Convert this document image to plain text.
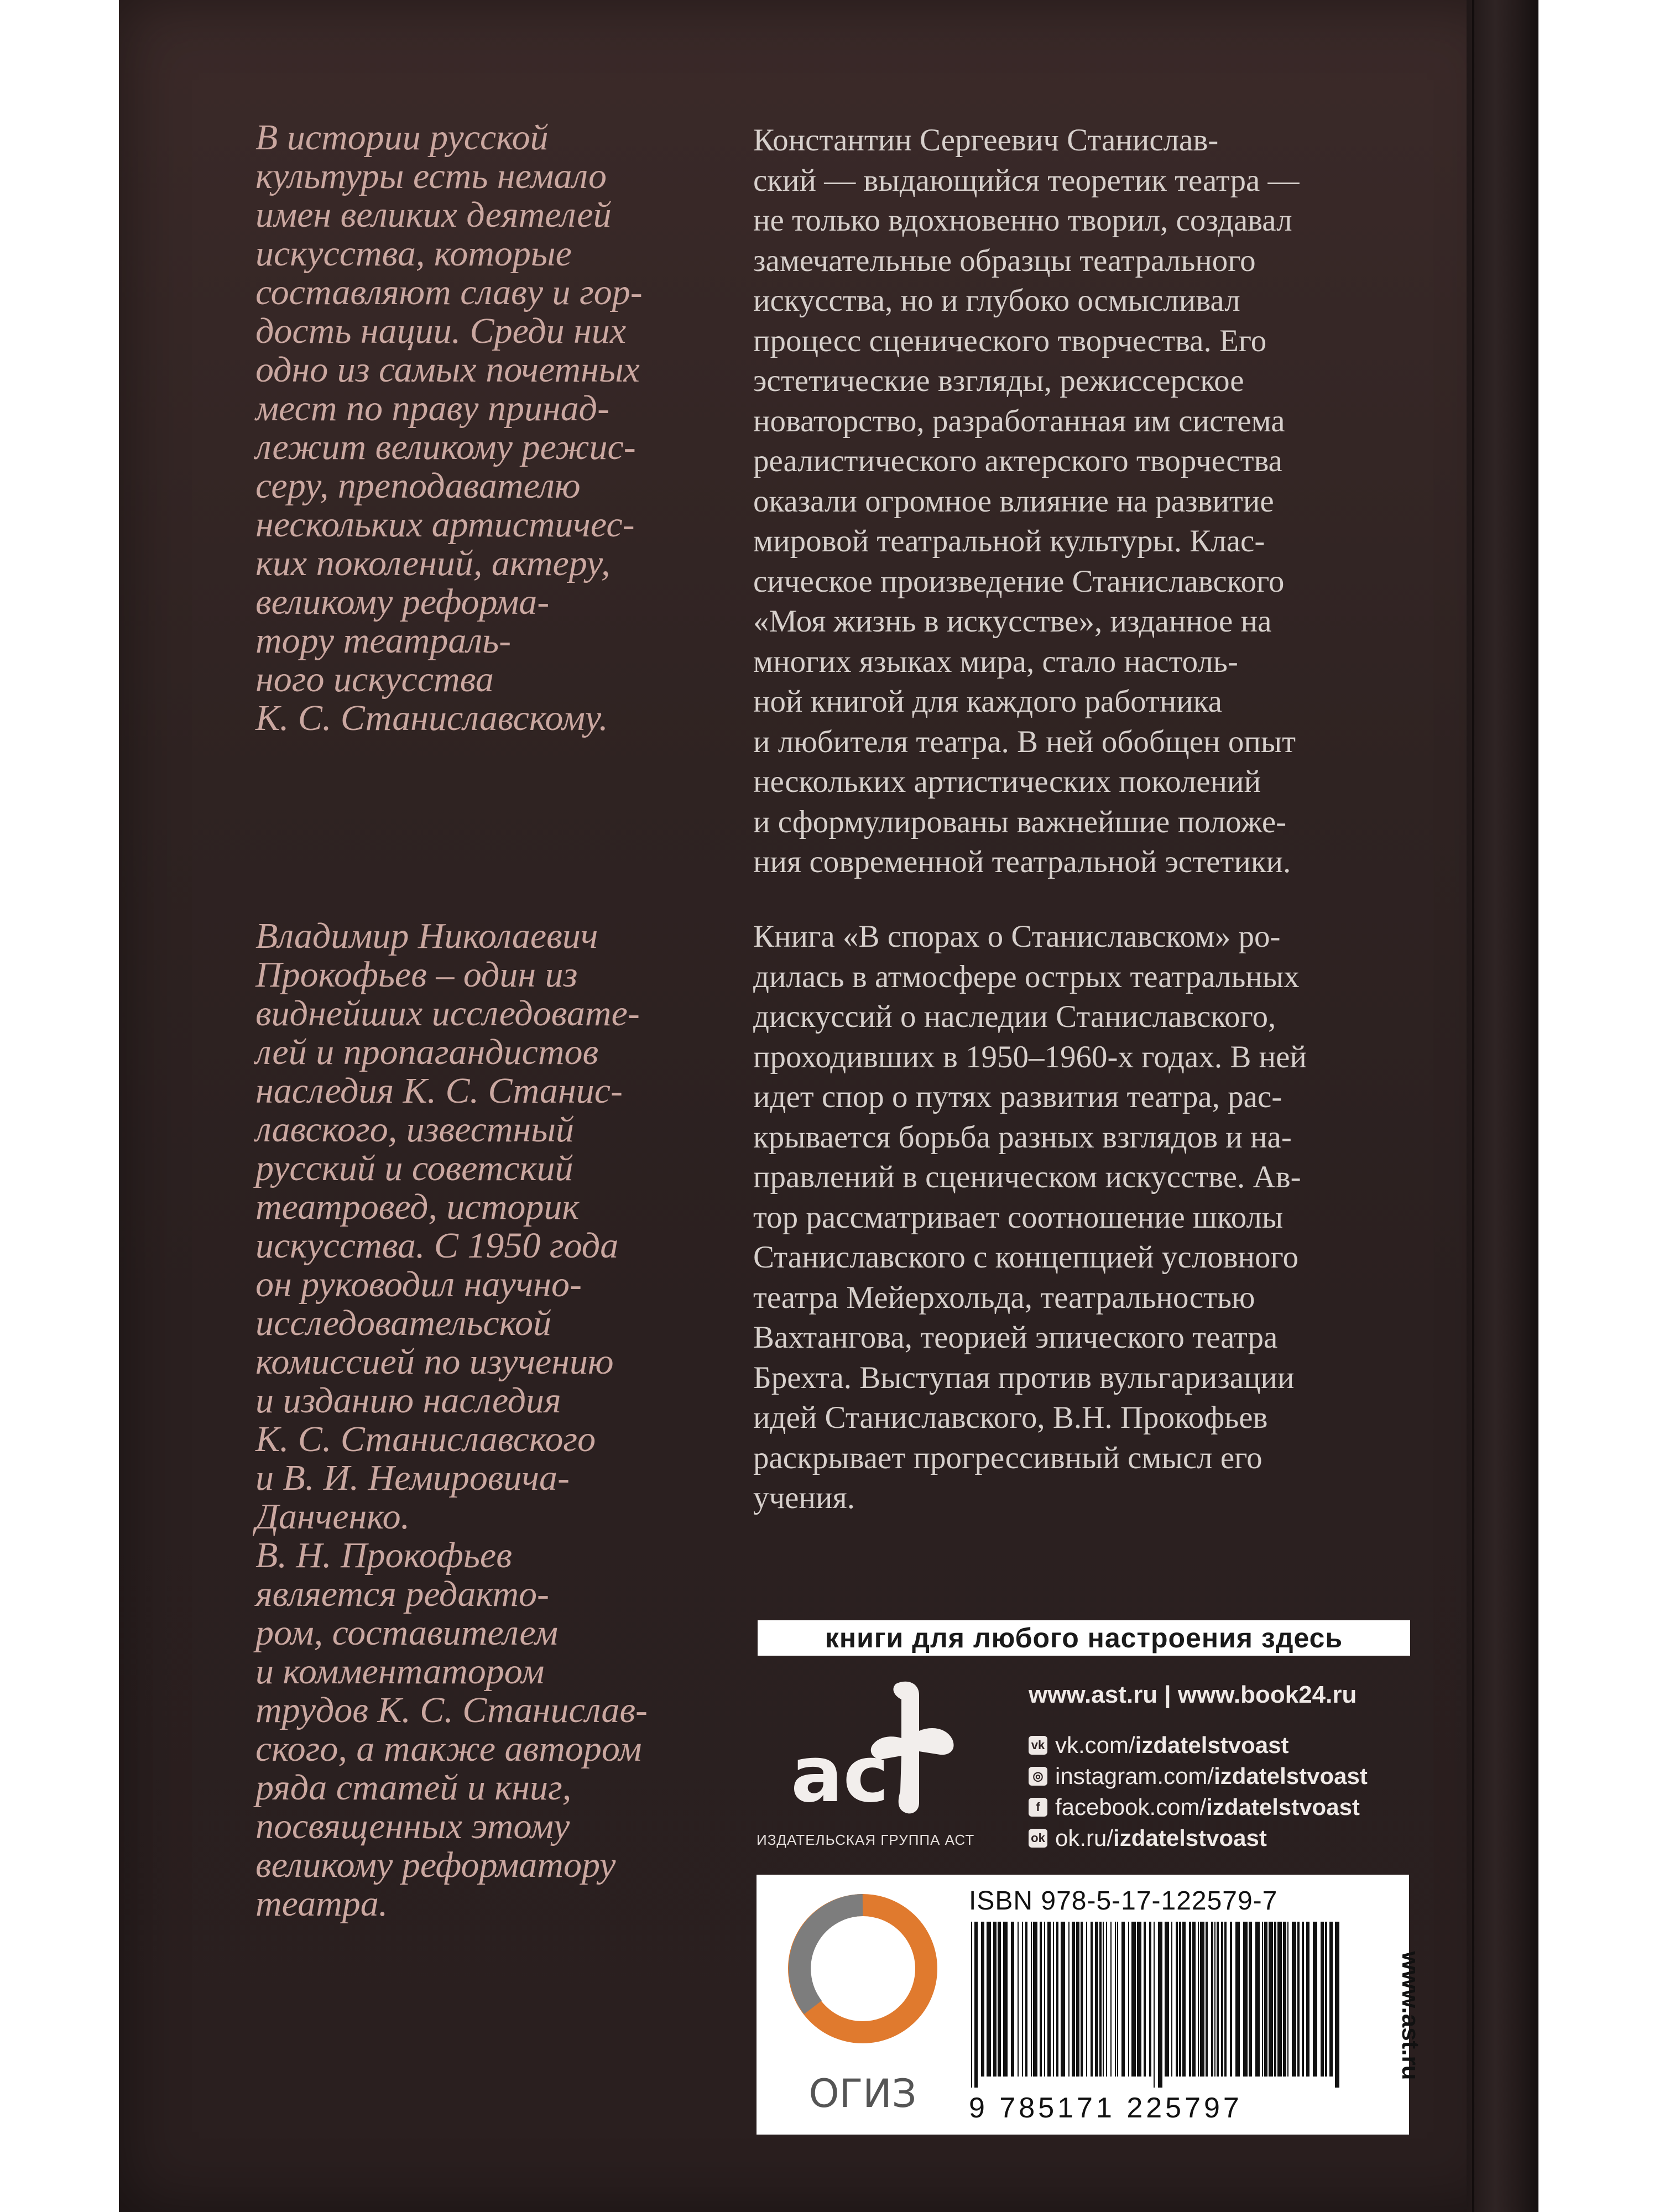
В истории русской

культуры есть немало

имен великих деятелей

искусства, которые

составляют славу и гор-

дость нации. Среди них

одно из самых почетных

мест по праву принад-

лежит великому режис-

серу, преподавателю

нескольких артистичес-

ких поколений, актеру,

великому реформа-

тору театраль-

ного искусства

К. С. Станиславскому.

Владимир Николаевич

Прокофьев – один из

виднейших исследовате-

лей и пропагандистов

наследия К. С. Станис-

лавского, известный

русский и советский

театровед, историк

искусства. С 1950 года

он руководил научно-

исследовательской

комиссией по изучению

и изданию наследия

К. С. Станиславского

и В. И. Немировича-

Данченко.

В. Н. Прокофьев

является редакто-

ром, составителем

и комментатором

трудов К. С. Станислав-

ского, а также автором

ряда статей и книг,

посвященных этому

великому реформатору

театра.

Константин Сергеевич Станислав-

ский — выдающийся теоретик театра —

не только вдохновенно творил, создавал

замечательные образцы театрального

искусства, но и глубоко осмысливал

процесс сценического творчества. Его

эстетические взгляды, режиссерское

новаторство, разработанная им система

реалистического актерского творчества

оказали огромное влияние на развитие

мировой театральной культуры. Клас-

сическое произведение Станиславского

«Моя жизнь в искусстве», изданное на

многих языках мира, стало настоль-

ной книгой для каждого работника

и любителя театра. В ней обобщен опыт

нескольких артистических поколений

и сформулированы важнейшие положе-

ния современной театральной эстетики.

Книга «В спорах о Станиславском» ро-

дилась в атмосфере острых театральных

дискуссий о наследии Станиславского,

проходивших в 1950–1960-х годах. В ней

идет спор о путях развития театра, рас-

крывается борьба разных взглядов и на-

правлений в сценическом искусстве. Ав-

тор рассматривает соотношение школы

Станиславского с концепцией условного

театра Мейерхольда, театральностью

Вахтангова, теорией эпического театра

Брехта. Выступая против вульгаризации

идей Станиславского, В.Н. Прокофьев

раскрывает прогрессивный смысл его

учения.

книги для любого настроения здесь
ас
ИЗДАТЕЛЬСКАЯ ГРУППА АСТ
www.ast.ru | www.book24.ru
vk vk.com/ izdatelstvoast
◎ instagram.com/ izdatelstvoast
f facebook.com/ izdatelstvoast
ok ok.ru/ izdatelstvoast
ОГИЗ
ISBN 978-5-17-122579-7
9 785171 225797
www.ast.ru
